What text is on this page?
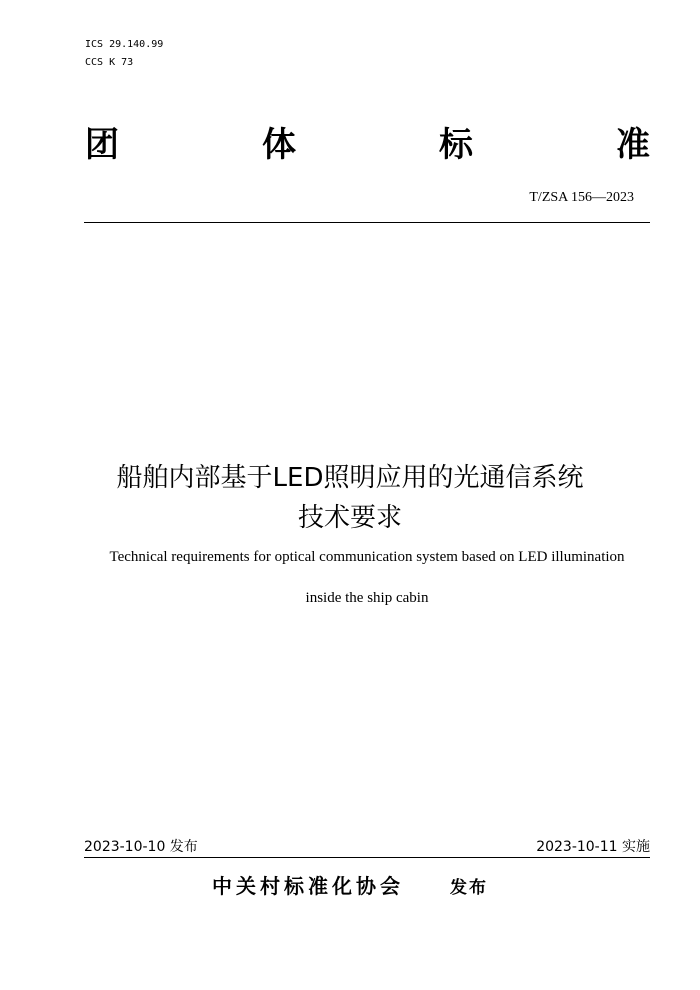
ICS 29.140.99
CCS K 73
团	体	标	准
T/ZSA 156—2023
船舶内部基于LED照明应用的光通信系统
技术要求
Technical requirements for optical communication system based on LED illumination
inside the ship cabin
2023-10-10 发布	2023-10-11 实施
中关村标准化协会	发布
